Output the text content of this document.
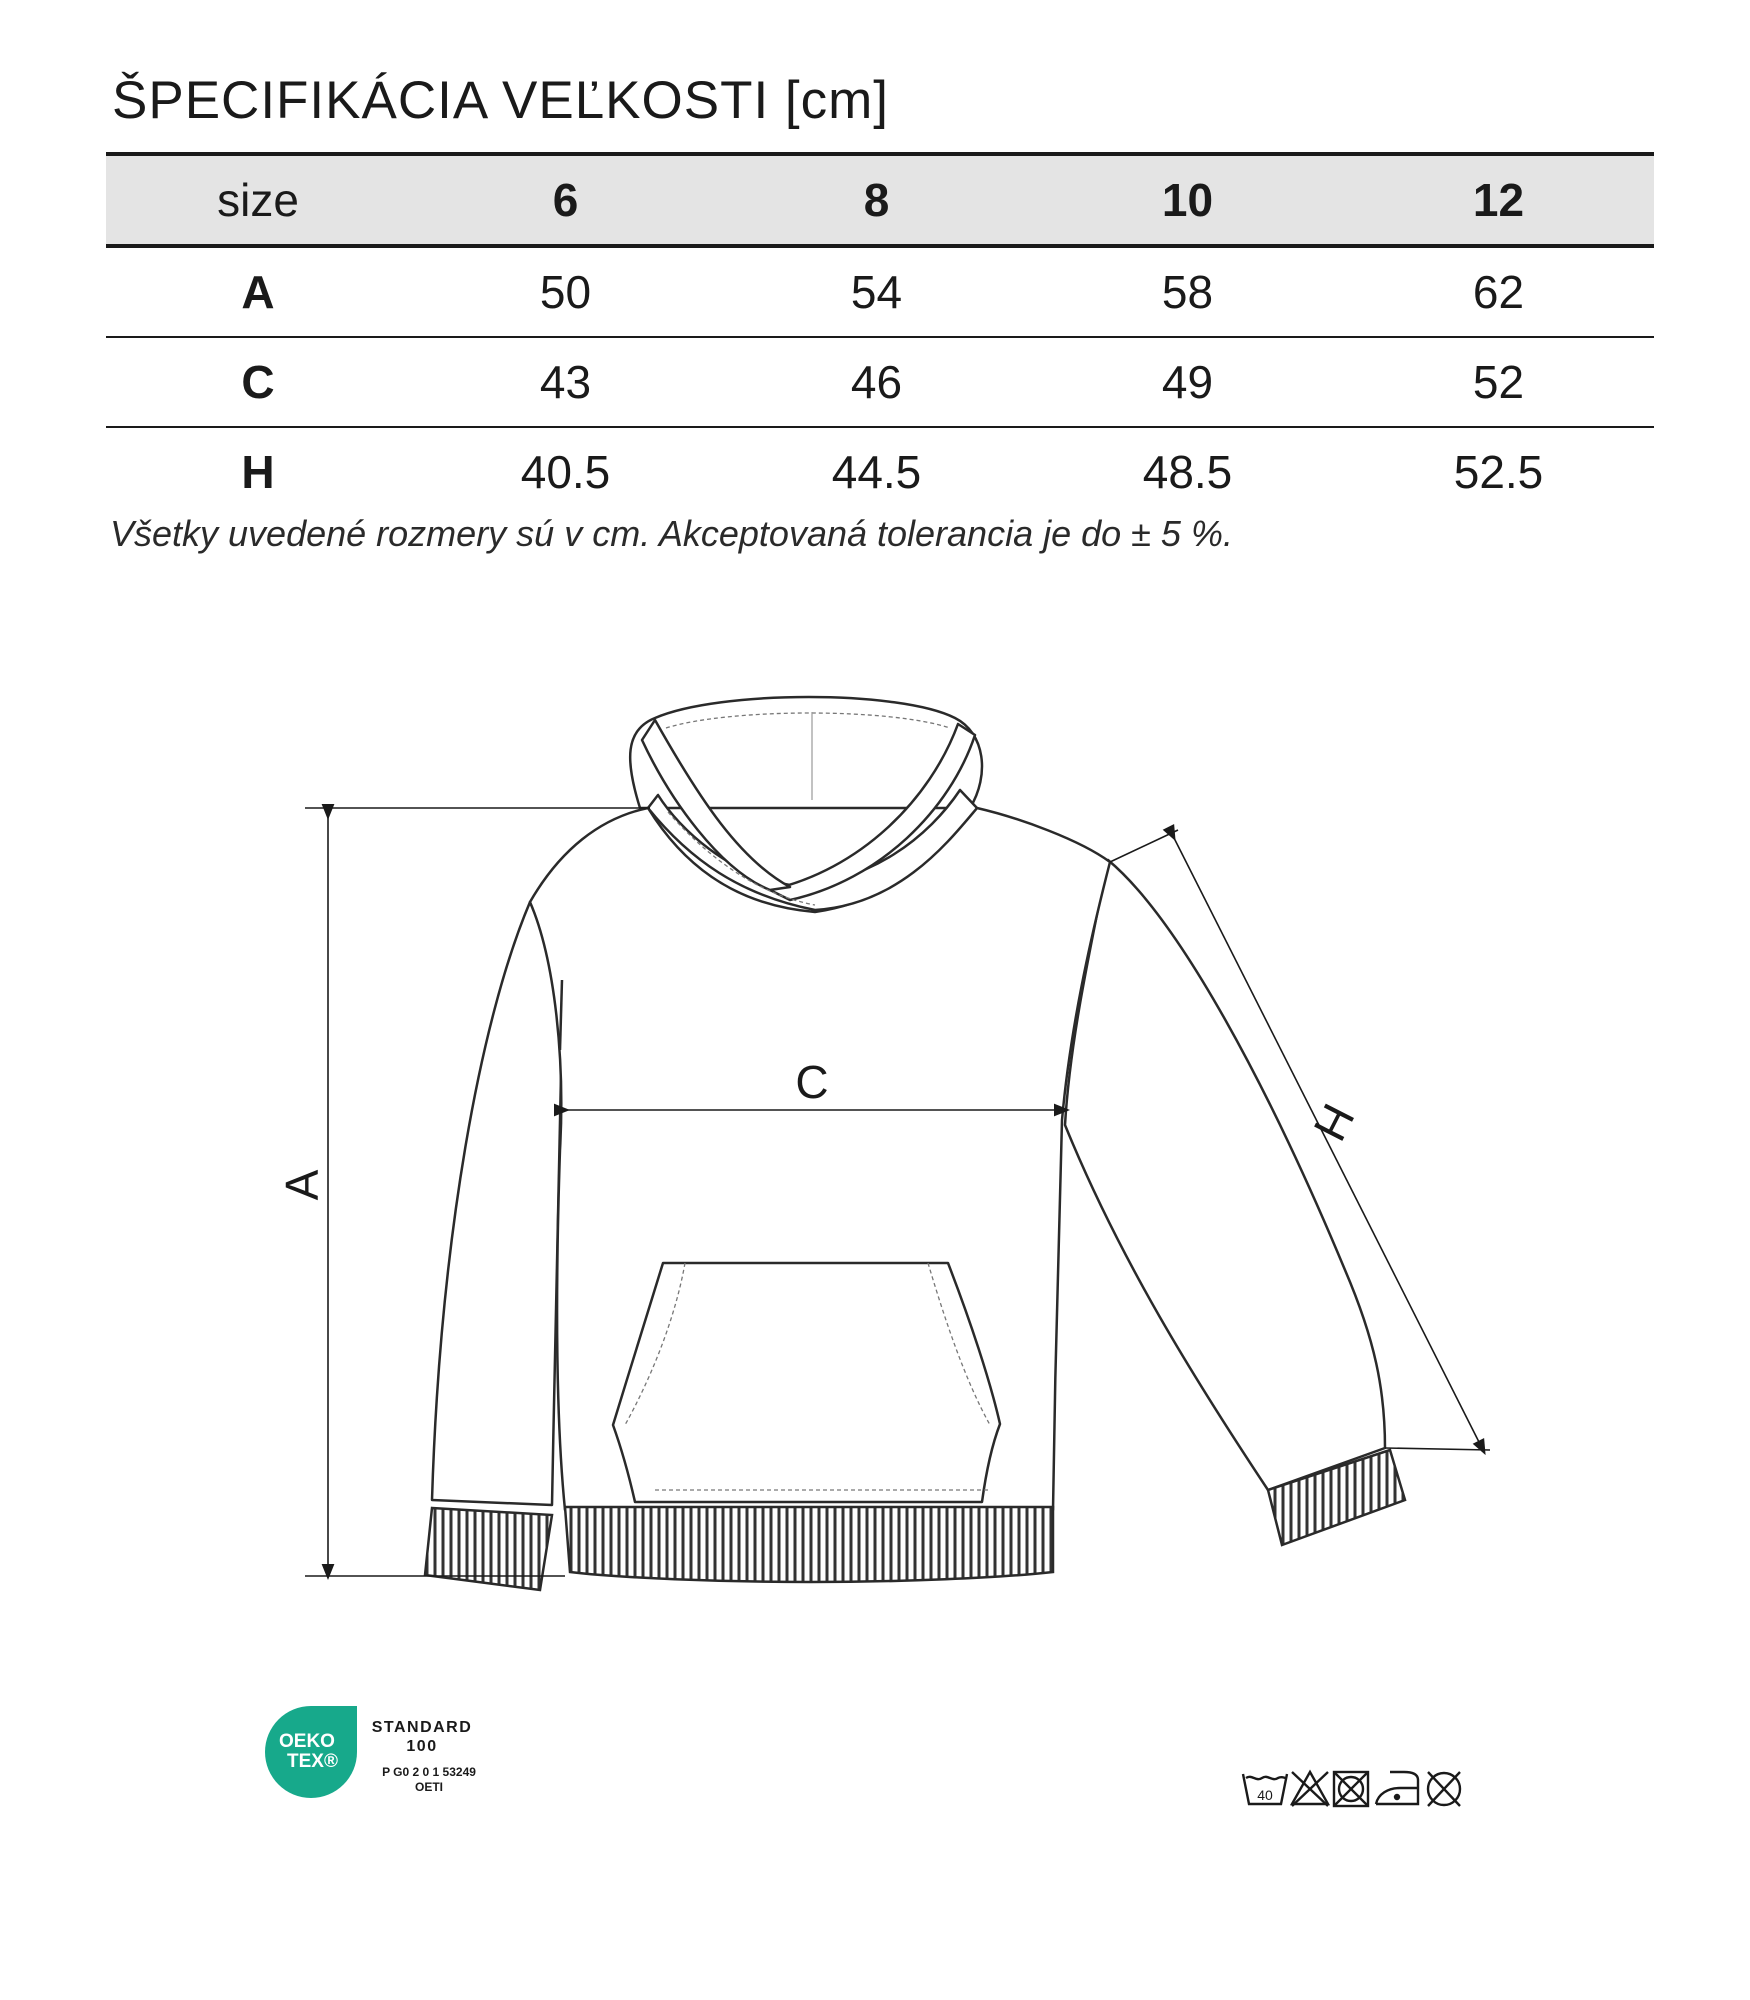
ŠPECIFIKÁCIA VEĽKOSTI [cm]
size	6	8	10	12
A	50	54	58	62
C	43	46	49	52
H	40.5	44.5	48.5	52.5
Všetky uvedené rozmery sú v cm. Akceptovaná tolerancia je do ± 5 %.
A
C
H
OEKO
TEX®
STANDARD
100
P G0 2 0 1 53249
OETI	40
